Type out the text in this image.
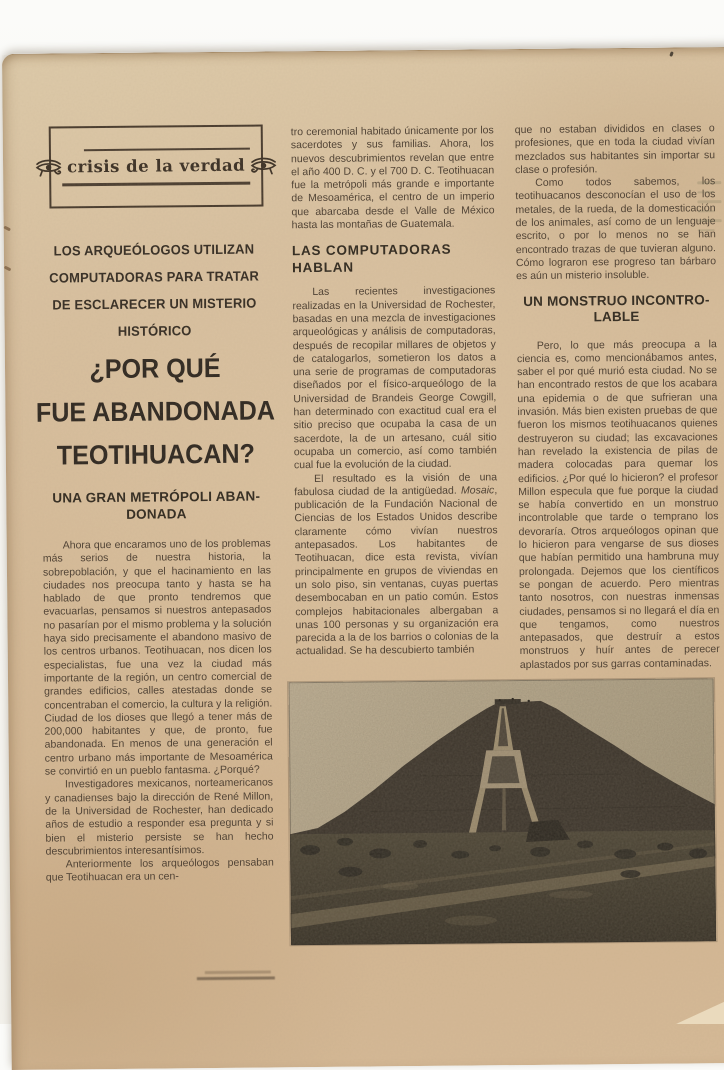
crisis de la verdad
LOS ARQUEÓLOGOS UTILIZAN
COMPUTADORAS PARA TRATAR
DE ESCLARECER UN MISTERIO
HISTÓRICO
¿POR QUÉ
FUE ABANDONADA
TEOTIHUACAN?
UNA GRAN METRÓPOLI ABAN-
DONADA

Ahora que encaramos uno de los problemas más serios de nuestra historia, la sobrepoblación, y que el hacinamiento en las ciudades nos preocupa tanto y hasta se ha hablado de que pronto tendremos que evacuarlas, pensamos si nuestros antepasados no pasarían por el mismo problema y la solución haya sido precisamente el abandono masivo de los centros urbanos. Teotihuacan, nos dicen los especialistas, fue una vez la ciudad más importante de la región, un centro comercial de grandes edificios, calles atestadas donde se concentraban el comercio, la cultura y la religión. Ciudad de los dioses que llegó a tener más de 200,000 habitantes y que, de pronto, fue abandonada. En menos de una generación el centro urbano más importante de Mesoamérica se convirtió en un pueblo fantasma. ¿Porqué?

Investigadores mexicanos, norteamericanos y canadienses bajo la dirección de René Millon, de la Universidad de Rochester, han dedicado años de estudio a responder esa pregunta y si bien el misterio persiste se han hecho descubrimientos interesantísimos.

Anteriormente los arqueólogos pensaban que Teotihuacan era un cen-

tro ceremonial habitado únicamente por los sacerdotes y sus familias. Ahora, los nuevos descubrimientos revelan que entre el año 400 D. C. y el 700 D. C. Teotihuacan fue la metrópoli más grande e importante de Mesoamérica, el centro de un imperio que abarcaba desde el Valle de México hasta las montañas de Guatemala.

LAS COMPUTADORAS HABLAN

Las recientes investigaciones realizadas en la Universidad de Rochester, basadas en una mezcla de investigaciones arqueológicas y análisis de computadoras, después de recopilar millares de objetos y de catalogarlos, sometieron los datos a una serie de programas de computadoras diseñados por el físico-arqueólogo de la Universidad de Brandeis George Cowgill, han determinado con exactitud cual era el sitio preciso que ocupaba la casa de un sacerdote, la de un artesano, cuál sitio ocupaba un comercio, así como también cual fue la evolución de la ciudad.

El resultado es la visión de una fabulosa ciudad de la antigüedad. Mosaic, publicación de la Fundación Nacional de Ciencias de los Estados Unidos describe claramente cómo vivían nuestros antepasados. Los habitantes de Teotihuacan, dice esta revista, vivían principalmente en grupos de viviendas en un solo piso, sin ventanas, cuyas puertas desembocaban en un patio común. Estos complejos habitacionales albergaban a unas 100 personas y su organización era parecida a la de los barrios o colonias de la actualidad. Se ha descubierto también

que no estaban divididos en clases o profesiones, que en toda la ciudad vivían mezclados sus habitantes sin importar su clase o profesión.

Como todos sabemos, los teotihuacanos desconocían el uso de los metales, de la rueda, de la domesticación de los animales, así como de un lenguaje escrito, o por lo menos no se han encontrado trazas de que tuvieran alguno. Cómo lograron ese progreso tan bárbaro es aún un misterio insoluble.

UN MONSTRUO INCONTRO-
LABLE

Pero, lo que más preocupa a la ciencia es, como mencionábamos antes, saber el por qué murió esta ciudad. No se han encontrado restos de que los acabara una epidemia o de que sufrieran una invasión. Más bien existen pruebas de que fueron los mismos teotihuacanos quienes destruyeron su ciudad; las excavaciones han revelado la existencia de pilas de madera colocadas para quemar los edificios. ¿Por qué lo hicieron? el profesor Millon especula que fue porque la ciudad se había convertido en un monstruo incontrolable que tarde o temprano los devoraría. Otros arqueólogos opinan que lo hicieron para vengarse de sus dioses que habían permitido una hambruna muy prolongada. Dejemos que los científicos se pongan de acuerdo. Pero mientras tanto nosotros, con nuestras inmensas ciudades, pensamos si no llegará el día en que tengamos, como nuestros antepasados, que destruír a estos monstruos y huír antes de perecer aplastados por sus garras contaminadas.
